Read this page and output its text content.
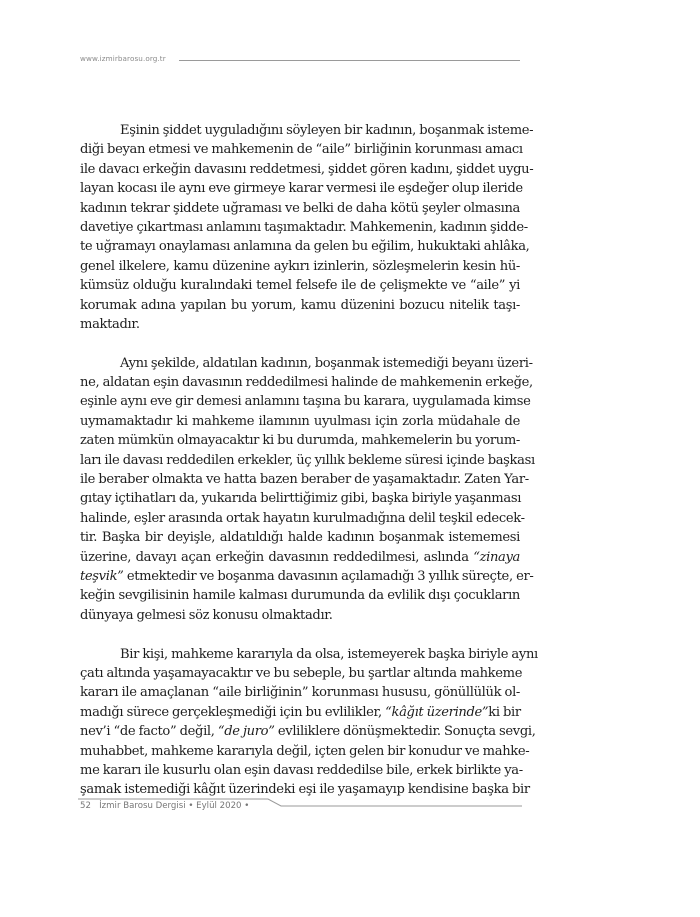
www.izmirbarosu.org.tr
Eşinin şiddet uyguladığını söyleyen bir kadının, boşanmak isteme-
diği beyan etmesi ve mahkemenin de “aile” birliğinin korunması amacı
ile davacı erkeğin davasını reddetmesi, şiddet gören kadını, şiddet uygu-
layan kocası ile aynı eve girmeye karar vermesi ile eşdeğer olup ileride
kadının tekrar şiddete uğraması ve belki de daha kötü şeyler olmasına
davetiye çıkartması anlamını taşımaktadır. Mahkemenin, kadının şidde-
te uğramayı onaylaması anlamına da gelen bu eğilim, hukuktaki ahlâka,
genel ilkelere, kamu düzenine aykırı izinlerin, sözleşmelerin kesin hü-
kümsüz olduğu kuralındaki temel felsefe ile de çelişmekte ve “aile” yi
korumak adına yapılan bu yorum, kamu düzenini bozucu nitelik taşı-
maktadır.
Aynı şekilde, aldatılan kadının, boşanmak istemediği beyanı üzeri-
ne, aldatan eşin davasının reddedilmesi halinde de mahkemenin erkeğe,
eşinle aynı eve gir demesi anlamını taşına bu karara, uygulamada kimse
uymamaktadır ki mahkeme ilamının uyulması için zorla müdahale de
zaten mümkün olmayacaktır ki bu durumda, mahkemelerin bu yorum-
ları ile davası reddedilen erkekler, üç yıllık bekleme süresi içinde başkası
ile beraber olmakta ve hatta bazen beraber de yaşamaktadır. Zaten Yar-
gıtay içtihatları da, yukarıda belirttiğimiz gibi, başka biriyle yaşanması
halinde, eşler arasında ortak hayatın kurulmadığına delil teşkil edecek-
tir. Başka bir deyişle, aldatıldığı halde kadının boşanmak istememesi
üzerine, davayı açan erkeğin davasının reddedilmesi, aslında “zinaya
teşvik” etmektedir ve boşanma davasının açılamadığı 3 yıllık süreçte, er-
keğin sevgilisinin hamile kalması durumunda da evlilik dışı çocukların
dünyaya gelmesi söz konusu olmaktadır.
Bir kişi, mahkeme kararıyla da olsa, istemeyerek başka biriyle aynı
çatı altında yaşamayacaktır ve bu sebeple, bu şartlar altında mahkeme
kararı ile amaçlanan “aile birliğinin” korunması hususu, gönüllülük ol-
madığı sürece gerçekleşmediği için bu evlilikler, “kâğıt üzerinde”ki bir
nev’i “de facto” değil, “de juro” evliliklere dönüşmektedir. Sonuçta sevgi,
muhabbet, mahkeme kararıyla değil, içten gelen bir konudur ve mahke-
me kararı ile kusurlu olan eşin davası reddedilse bile, erkek birlikte ya-
şamak istemediği kâğıt üzerindeki eşi ile yaşamayıp kendisine başka bir
52 İzmir Barosu Dergisi • Eylül 2020 •
